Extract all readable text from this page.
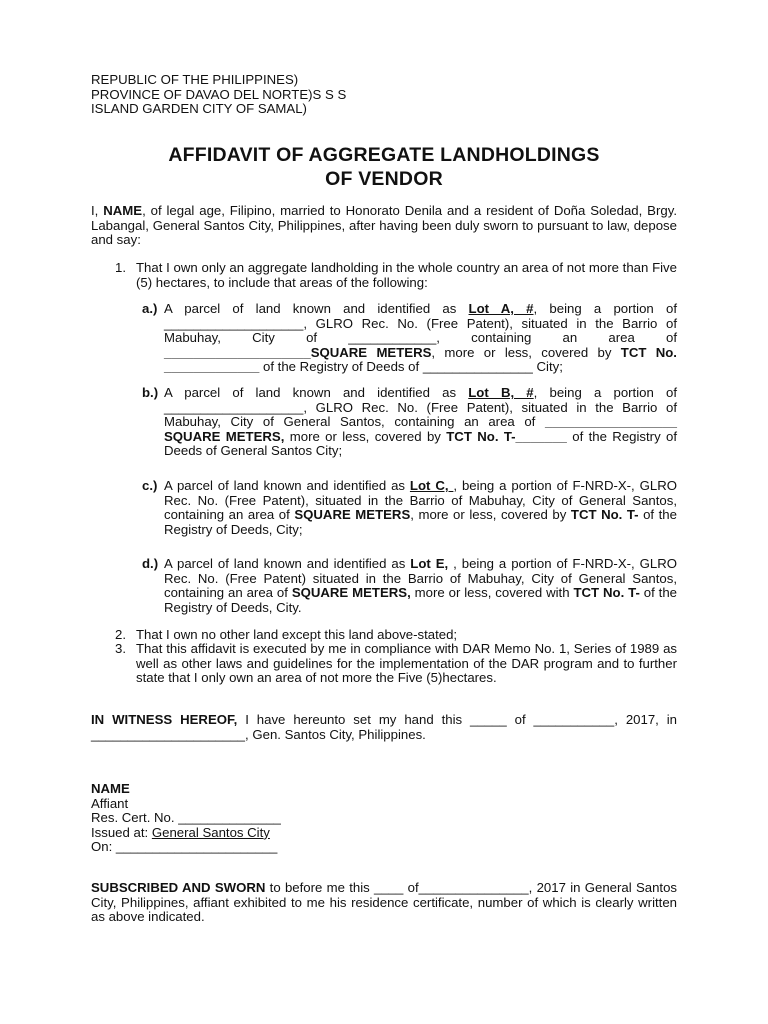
REPUBLIC OF THE PHILIPPINES)
PROVINCE OF DAVAO DEL NORTE)S S S
ISLAND GARDEN CITY OF SAMAL)
AFFIDAVIT OF AGGREGATE LANDHOLDINGS
OF VENDOR
I, NAME, of legal age, Filipino, married to Honorato Denila and a resident of Doña Soledad, Brgy. Labangal, General Santos City, Philippines, after having been duly sworn to pursuant to law, depose and say:
1. That I own only an aggregate landholding in the whole country an area of not more than Five (5) hectares, to include that areas of the following:
a.) A parcel of land known and identified as Lot A, #, being a portion of ___________________, GLRO Rec. No. (Free Patent), situated in the Barrio of Mabuhay, City of ____________, containing an area of ____________________SQUARE METERS, more or less, covered by TCT No. _____________ of the Registry of Deeds of _______________ City;
b.) A parcel of land known and identified as Lot B, #, being a portion of ___________________, GLRO Rec. No. (Free Patent), situated in the Barrio of Mabuhay, City of General Santos, containing an area of __________________ SQUARE METERS, more or less, covered by TCT No. T-_______ of the Registry of Deeds of General Santos City;
c.) A parcel of land known and identified as Lot C, , being a portion of F-NRD-X-, GLRO Rec. No. (Free Patent), situated in the Barrio of Mabuhay, City of General Santos, containing an area of SQUARE METERS, more or less, covered by TCT No. T- of the Registry of Deeds, City;
d.) A parcel of land known and identified as Lot E, , being a portion of F-NRD-X-, GLRO Rec. No. (Free Patent) situated in the Barrio of Mabuhay, City of General Santos, containing an area of SQUARE METERS, more or less, covered with TCT No. T- of the Registry of Deeds, City.
2. That I own no other land except this land above-stated;
3. That this affidavit is executed by me in compliance with DAR Memo No. 1, Series of 1989 as well as other laws and guidelines for the implementation of the DAR program and to further state that I only own an area of not more the Five (5)hectares.
IN WITNESS HEREOF, I have hereunto set my hand this _____ of ___________, 2017, in _____________________, Gen. Santos City, Philippines.
NAME
Affiant
Res. Cert. No. ______________
Issued at: General Santos City
On: ______________________
SUBSCRIBED AND SWORN to before me this ____ of_______________, 2017 in General Santos City, Philippines, affiant exhibited to me his residence certificate, number of which is clearly written as above indicated.
